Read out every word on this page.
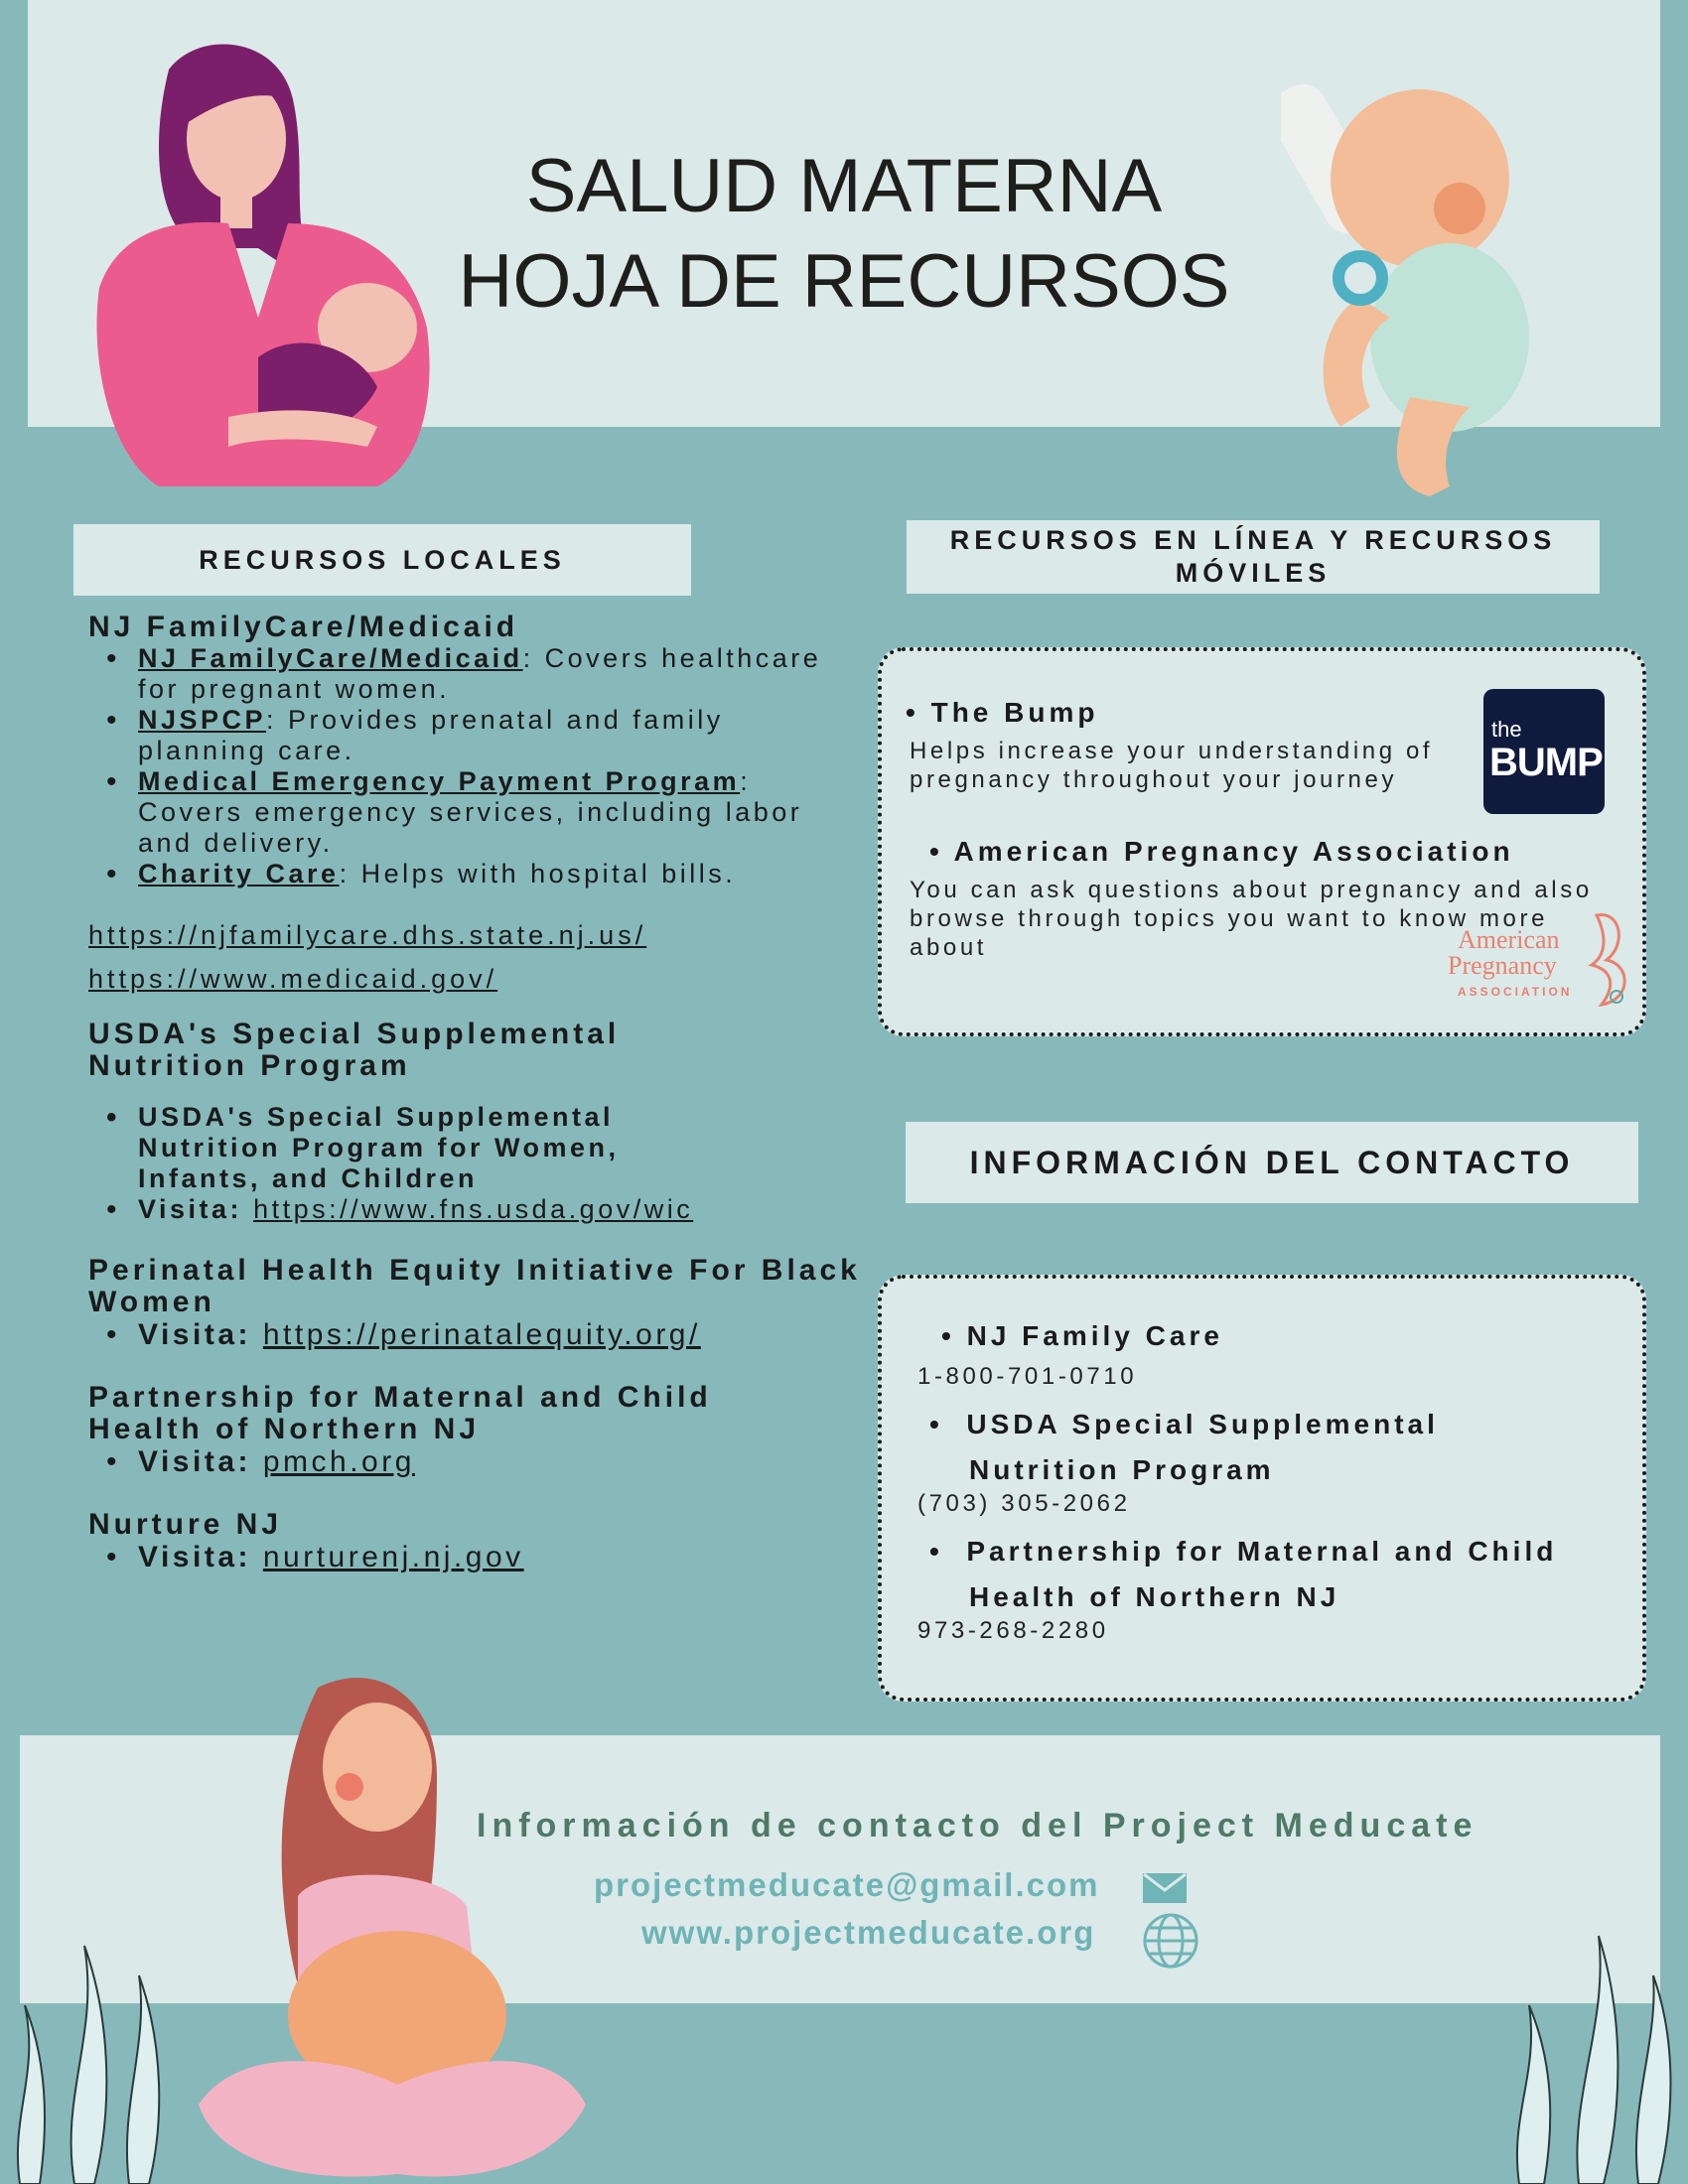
SALUD MATERNA
HOJA DE RECURSOS
RECURSOS LOCALES
RECURSOS EN LÍNEA Y RECURSOS MÓVILES
INFORMACIÓN DEL CONTACTO
NJ FamilyCare/Medicaid
• NJ FamilyCare/Medicaid: Covers healthcare for pregnant women.
• NJSPCP: Provides prenatal and family planning care.
• Medical Emergency Payment Program: Covers emergency services, including labor and delivery.
• Charity Care: Helps with hospital bills.
https://njfamilycare.dhs.state.nj.us/
https://www.medicaid.gov/
USDA's Special Supplemental Nutrition Program
• USDA's Special Supplemental Nutrition Program for Women, Infants, and Children
• Visita: https://www.fns.usda.gov/wic
Perinatal Health Equity Initiative For Black Women
• Visita: https://perinatalequity.org/
Partnership for Maternal and Child Health of Northern NJ
• Visita: pmch.org
Nurture NJ
• Visita: nurturenj.nj.gov
• The Bump
Helps increase your understanding of pregnancy throughout your journey
the
BUMP
• American Pregnancy Association
You can ask questions about pregnancy and also browse through topics you want to know more about	American
Pregnancy
ASSOCIATION
• NJ Family Care
1-800-701-0710
•  USDA Special Supplemental
Nutrition Program
(703) 305-2062
•  Partnership for Maternal and Child
Health of Northern NJ
973-268-2280
Información de contacto del Project Meducate
projectmeducate@gmail.com
www.projectmeducate.org
